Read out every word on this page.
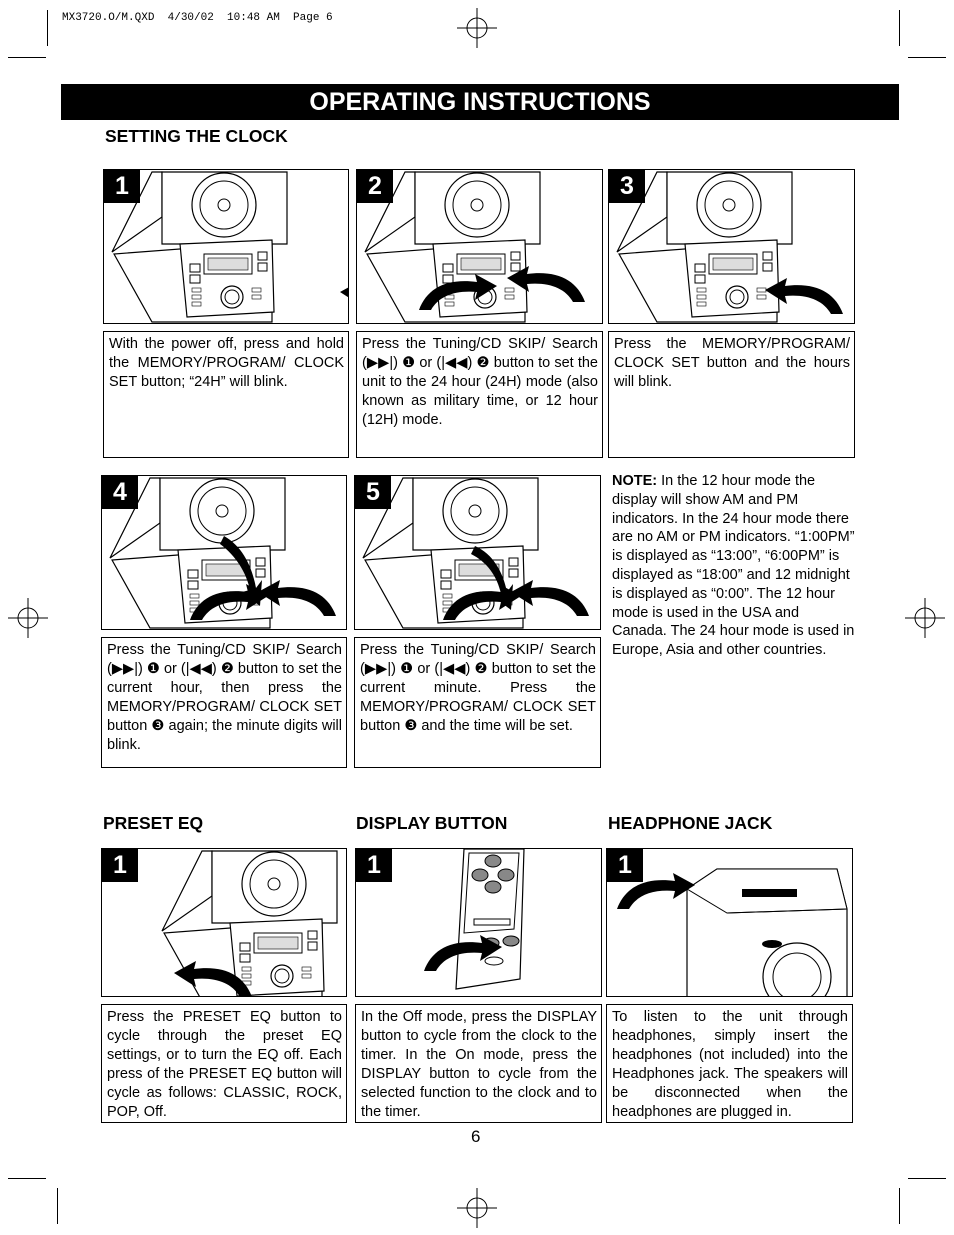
MX3720.O/M.QXD  4/30/02  10:48 AM  Page 6
OPERATING INSTRUCTIONS
SETTING THE CLOCK
1
With the power off, press and hold the MEMORY/PROGRAM/ CLOCK SET button; “24H” will blink.
2
Press the Tuning/CD SKIP/ Search (▶▶|) ❶ or (|◀◀) ❷ button to set the unit to the 24 hour (24H) mode (also known as military time, or 12 hour (12H) mode.
3
Press the MEMORY/PROGRAM/ CLOCK SET button and the hours will blink.
4
Press the Tuning/CD SKIP/ Search (▶▶|) ❶ or (|◀◀) ❷ button to set the current hour, then press the MEMORY/PROGRAM/ CLOCK SET button ❸ again; the minute digits will blink.
5
Press the Tuning/CD SKIP/ Search (▶▶|) ❶ or (|◀◀) ❷ button to set the current minute. Press the MEMORY/PROGRAM/ CLOCK SET button ❸ and the time will be set.
NOTE: In the 12 hour mode the display will show AM and PM indicators. In the 24 hour mode there are no AM or PM indicators. “1:00PM” is displayed as “13:00”, “6:00PM” is displayed as “18:00” and 12 midnight is displayed as “0:00”. The 12 hour mode is used in the USA and Canada. The 24 hour mode is used in Europe, Asia and other countries.
PRESET EQ	DISPLAY BUTTON	HEADPHONE JACK
1
Press the PRESET EQ button to cycle through the preset EQ settings, or to turn the EQ off. Each press of the PRESET EQ button will cycle as follows: CLASSIC, ROCK, POP, Off.
1
In the Off mode, press the DISPLAY button to cycle from the clock to the timer. In the On mode, press the DISPLAY button to cycle from the selected function to the clock and to the timer.
1
To listen to the unit through headphones, simply insert the headphones (not included) into the Headphones jack. The speakers will be disconnected when the headphones are plugged in.
6
